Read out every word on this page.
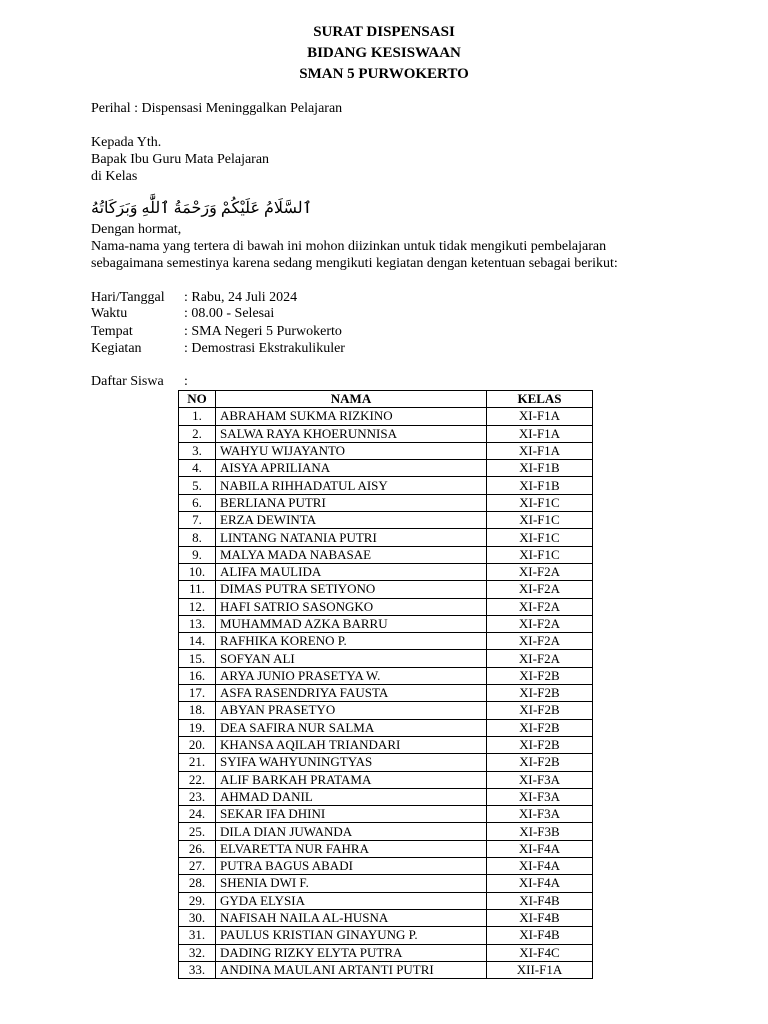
SURAT DISPENSASI
BIDANG KESISWAAN
SMAN 5 PURWOKERTO
Perihal : Dispensasi Meninggalkan Pelajaran
Kepada Yth.
Bapak Ibu Guru Mata Pelajaran
di Kelas
ٱلسَّلَامُ عَلَيْكُمْ وَرَحْمَةُ ٱللَّٰهِ وَبَرَكَاتُهُ
Dengan hormat,
Nama-nama yang tertera di bawah ini mohon diizinkan untuk tidak mengikuti pembelajaran
sebagaimana semestinya karena sedang mengikuti kegiatan dengan ketentuan sebagai berikut:
Hari/Tanggal : Rabu, 24 Juli 2024
Waktu	: 08.00 - Selesai
Tempat	: SMA Negeri 5 Purwokerto
Kegiatan	: Demostrasi Ekstrakulikuler
Daftar Siswa :
NO	NAMA	KELAS
1.	ABRAHAM SUKMA RIZKINO	XI-F1A
2.	SALWA RAYA KHOERUNNISA	XI-F1A
3.	WAHYU WIJAYANTO	XI-F1A
4.	AISYA APRILIANA	XI-F1B
5.	NABILA RIHHADATUL AISY	XI-F1B
6.	BERLIANA PUTRI	XI-F1C
7.	ERZA DEWINTA	XI-F1C
8.	LINTANG NATANIA PUTRI	XI-F1C
9.	MALYA MADA NABASAE	XI-F1C
10.	ALIFA MAULIDA	XI-F2A
11.	DIMAS PUTRA SETIYONO	XI-F2A
12.	HAFI SATRIO SASONGKO	XI-F2A
13.	MUHAMMAD AZKA BARRU	XI-F2A
14.	RAFHIKA KORENO P.	XI-F2A
15.	SOFYAN ALI	XI-F2A
16.	ARYA JUNIO PRASETYA W.	XI-F2B
17.	ASFA RASENDRIYA FAUSTA	XI-F2B
18.	ABYAN PRASETYO	XI-F2B
19.	DEA SAFIRA NUR SALMA	XI-F2B
20.	KHANSA AQILAH TRIANDARI	XI-F2B
21.	SYIFA WAHYUNINGTYAS	XI-F2B
22.	ALIF BARKAH PRATAMA	XI-F3A
23.	AHMAD DANIL	XI-F3A
24.	SEKAR IFA DHINI	XI-F3A
25.	DILA DIAN JUWANDA	XI-F3B
26.	ELVARETTA NUR FAHRA	XI-F4A
27.	PUTRA BAGUS ABADI	XI-F4A
28.	SHENIA DWI F.	XI-F4A
29.	GYDA ELYSIA	XI-F4B
30.	NAFISAH NAILA AL-HUSNA	XI-F4B
31.	PAULUS KRISTIAN GINAYUNG P.	XI-F4B
32.	DADING RIZKY ELYTA PUTRA	XI-F4C
33.	ANDINA MAULANI ARTANTI PUTRI	XII-F1A
